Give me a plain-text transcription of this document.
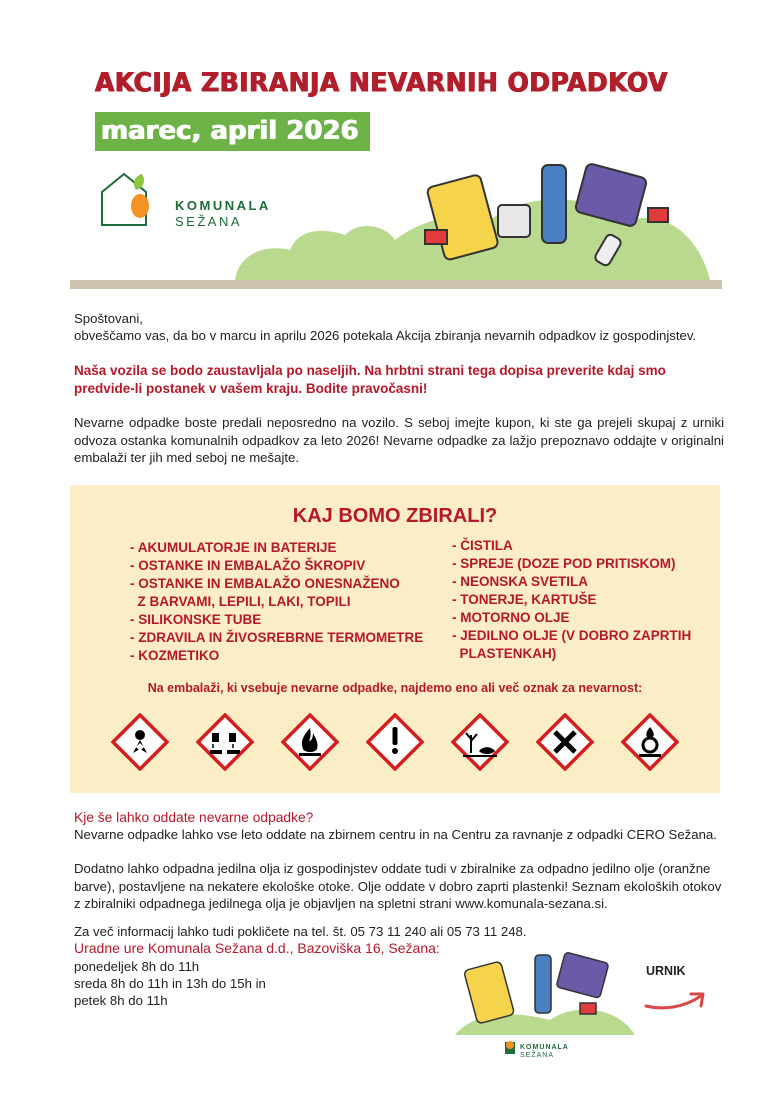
AKCIJA ZBIRANJA NEVARNIH ODPADKOV
marec, april 2026
KOMUNALA
SEŽANA
Spoštovani,
obveščamo vas, da bo v marcu in aprilu 2026 potekala Akcija zbiranja nevarnih odpadkov iz gospodinjstev.
Naša vozila se bodo zaustavljala po naseljih. Na hrbtni strani tega dopisa preverite kdaj smo predvide-li postanek v vašem kraju. Bodite pravočasni!
Nevarne odpadke boste predali neposredno na vozilo. S seboj imejte kupon, ki ste ga prejeli skupaj z urniki odvoza ostanka komunalnih odpadkov za leto 2026! Nevarne odpadke za lažjo prepoznavo oddajte v originalni embalaži ter jih med seboj ne mešajte.
KAJ BOMO ZBIRALI?
- AKUMULATORJE IN BATERIJE
- OSTANKE IN EMBALAŽO ŠKROPIV
- OSTANKE IN EMBALAŽO ONESNAŽENO
Z BARVAMI, LEPILI, LAKI, TOPILI
- SILIKONSKE TUBE
- ZDRAVILA IN ŽIVOSREBRNE TERMOMETRE
- KOZMETIKO
- ČISTILA
- SPREJE (DOZE POD PRITISKOM)
- NEONSKA SVETILA
- TONERJE, KARTUŠE
- MOTORNO OLJE
- JEDILNO OLJE (V DOBRO ZAPRTIH
PLASTENKAH)
Na embalaži, ki vsebuje nevarne odpadke, najdemo eno ali več oznak za nevarnost:
Kje še lahko oddate nevarne odpadke?
Nevarne odpadke lahko vse leto oddate na zbirnem centru in na Centru za ravnanje z odpadki CERO Sežana.
Dodatno lahko odpadna jedilna olja iz gospodinjstev oddate tudi v zbiralnike za odpadno jedilno olje (oranžne barve), postavljene na nekatere ekološke otoke. Olje oddate v dobro zaprti plastenki! Seznam ekoloških otokov z zbiralniki odpadnega jedilnega olja je objavljen na spletni strani www.komunala-sezana.si.
Za več informacij lahko tudi pokličete na tel. št. 05 73 11 240 ali 05 73 11 248.
Uradne ure Komunala Sežana d.d., Bazoviška 16, Sežana:
ponedeljek 8h do 11h
sreda 8h do 11h in 13h do 15h in
petek 8h do 11h
KOMUNALA
SEŽANA
URNIK
